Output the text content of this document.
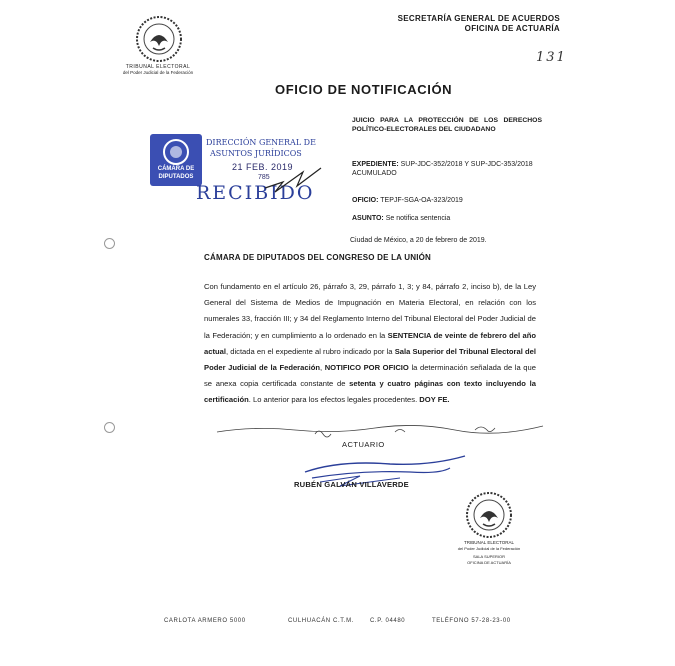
TRIBUNAL ELECTORAL
del Poder Judicial de la Federación
SECRETARÍA GENERAL DE ACUERDOS
OFICINA DE ACTUARÍA
131
OFICIO DE NOTIFICACIÓN
JUICIO PARA LA PROTECCIÓN DE LOS DERECHOS POLÍTICO-ELECTORALES DEL CIUDADANO
EXPEDIENTE: SUP-JDC-352/2018 Y SUP-JDC-353/2018 ACUMULADO
OFICIO: TEPJF-SGA-OA-323/2019
ASUNTO: Se notifica sentencia
Ciudad de México, a 20 de febrero de 2019.
CÁMARA DE
DIPUTADOS
DIRECCIÓN GENERAL DE
ASUNTOS JURÍDICOS
21 FEB. 2019
785
RECIBIDO
CÁMARA DE DIPUTADOS DEL CONGRESO DE LA UNIÓN
Con fundamento en el artículo 26, párrafo 3, 29, párrafo 1, 3; y 84, párrafo 2, inciso b), de la Ley General del Sistema de Medios de Impugnación en Materia Electoral, en relación con los numerales 33, fracción III; y 34 del Reglamento Interno del Tribunal Electoral del Poder Judicial de la Federación; y en cumplimiento a lo ordenado en la SENTENCIA de veinte de febrero del año actual, dictada en el expediente al rubro indicado por la Sala Superior del Tribunal Electoral del Poder Judicial de la Federación, NOTIFICO POR OFICIO la determinación señalada de la que se anexa copia certificada constante de setenta y cuatro páginas con texto incluyendo la certificación. Lo anterior para los efectos legales procedentes. DOY FE.
ACTUARIO
RUBÉN GALVÁN VILLAVERDE
TRIBUNAL ELECTORAL
del Poder Judicial de la Federación
SALA SUPERIOR
OFICINA DE ACTUARÍA
CARLOTA ARMERO 5000	CULHUACÁN C.T.M.	C.P. 04480	TELÉFONO 57-28-23-00
